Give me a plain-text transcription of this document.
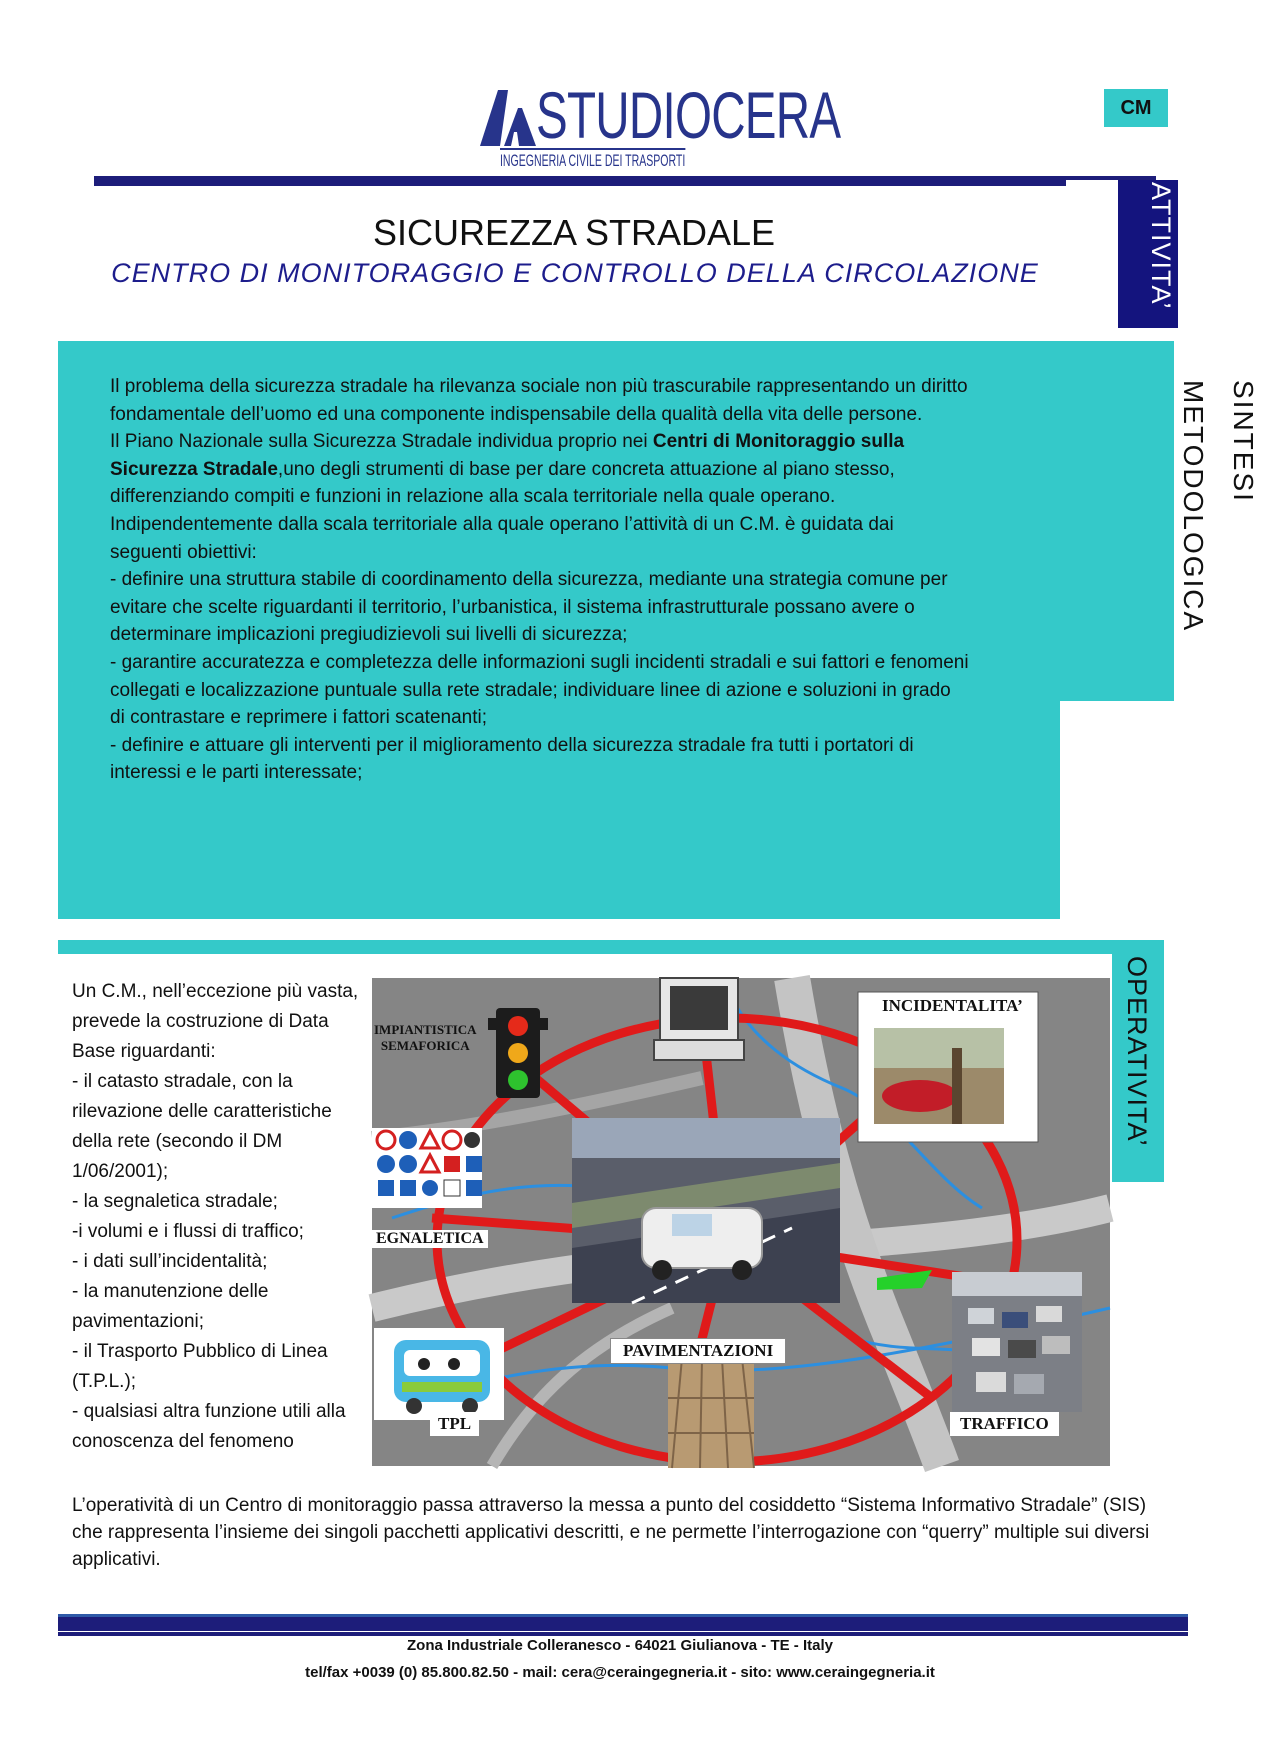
STUDIOCERA
INGEGNERIA CIVILE DEI TRASPORTI
CM
ATTIVITA’
SICUREZZA STRADALE
CENTRO DI MONITORAGGIO E CONTROLLO DELLA CIRCOLAZIONE
SINTESI
METODOLOGICA

Il problema della sicurezza stradale ha rilevanza sociale non più trascurabile rappresentando un diritto fondamentale dell’uomo ed una componente indispensabile della qualità della vita delle persone.

Il Piano Nazionale sulla Sicurezza Stradale individua proprio nei Centri di Monitoraggio sulla Sicurezza Stradale,uno degli strumenti di base per dare concreta attuazione al piano stesso, differenziando compiti e funzioni in relazione alla scala territoriale nella quale operano.

Indipendentemente dalla scala territoriale alla quale operano l’attività di un C.M. è guidata dai seguenti obiettivi:

- definire una struttura stabile di coordinamento della sicurezza, mediante una strategia comune per evitare che scelte riguardanti il territorio, l’urbanistica, il sistema infrastrutturale possano avere o determinare implicazioni pregiudizievoli sui livelli di sicurezza;

- garantire accuratezza e completezza delle informazioni sugli incidenti stradali e sui fattori e fenomeni collegati e localizzazione puntuale sulla rete stradale; individuare linee di azione e soluzioni in grado di contrastare e reprimere i fattori scatenanti;

- definire e attuare gli interventi per il miglioramento della sicurezza stradale fra tutti i portatori di interessi e le parti interessate;

OPERATIVITA’
Un C.M., nell’eccezione più vasta, prevede la costruzione di Data Base riguardanti:
- il catasto stradale, con la rilevazione delle caratteristiche della rete (secondo il DM 1/06/2001);
- la segnaletica stradale;
-i volumi e i flussi di traffico;
- i dati sull’incidentalità;
- la manutenzione delle pavimentazioni;
- il Trasporto Pubblico di Linea (T.P.L.);
- qualsiasi altra funzione utili alla conoscenza del fenomeno
IMPIANTISTICA
SEMAFORICA
INCIDENTALITA’
EGNALETICA
PAVIMENTAZIONI
TPL	TRAFFICO
L’operatività di un Centro di monitoraggio passa attraverso la messa a punto del cosiddetto “Sistema Informativo Stradale” (SIS) che rappresenta l’insieme dei singoli pacchetti applicativi descritti, e ne permette l’interrogazione con “querry” multiple sui diversi applicativi.
Zona Industriale Colleranesco - 64021 Giulianova - TE - Italy
tel/fax +0039 (0) 85.800.82.50 - mail: cera@ceraingegneria.it - sito: www.ceraingegneria.it
